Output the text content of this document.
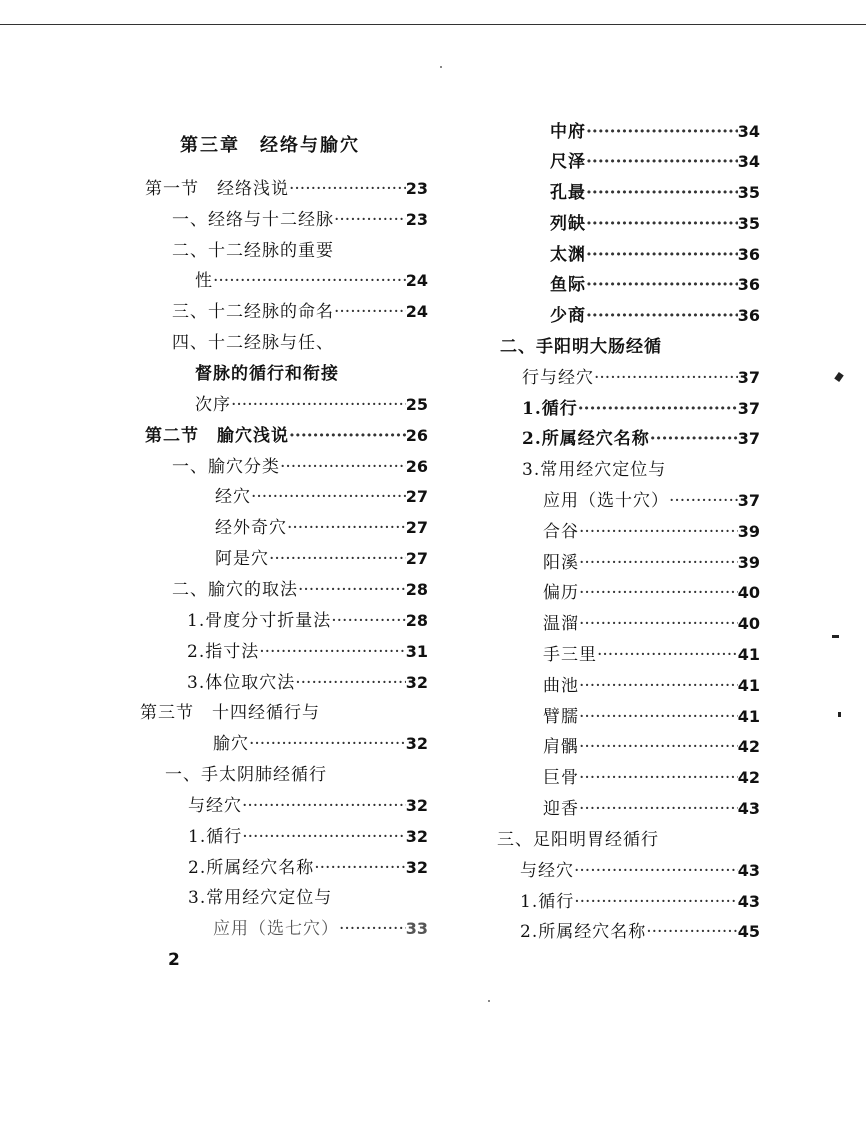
第三章　经络与腧穴
第一节　经络浅说 ·····	23
一、经络与十二经脉 ·····	23
二、十二经脉的重要
性 ·····	24
三、十二经脉的命名 ·····	24
四、十二经脉与任、
督脉的循行和衔接
次序 ·····	25
第二节　腧穴浅说 ·····	26
一、腧穴分类 ·····	26
经穴 ·····	27
经外奇穴 ·····	27
阿是穴 ·····	27
二、腧穴的取法 ·····	28
1.骨度分寸折量法 ·····	28
2.指寸法 ·····	31
3.体位取穴法 ·····	32
第三节　十四经循行与
腧穴 ·····	32
一、手太阴肺经循行
与经穴 ·····	32
1.循行 ·····	32
2.所属经穴名称 ·····	32
3.常用经穴定位与
应用（选七穴） ·····	33
中府 ·····	34
尺泽 ·····	34
孔最 ·····	35
列缺 ·····	35
太渊 ·····	36
鱼际 ·····	36
少商 ·····	36
二、手阳明大肠经循
行与经穴 ·····	37
1.循行 ·····	37
2.所属经穴名称 ·····	37
3.常用经穴定位与
应用（选十穴） ·····	37
合谷 ·····	39
阳溪 ·····	39
偏历 ·····	40
温溜 ·····	40
手三里 ·····	41
曲池 ·····	41
臂臑 ·····	41
肩髃 ·····	42
巨骨 ·····	42
迎香 ·····	43
三、足阳明胃经循行
与经穴 ·····	43
1.循行 ·····	43
2.所属经穴名称 ·····	45
2
